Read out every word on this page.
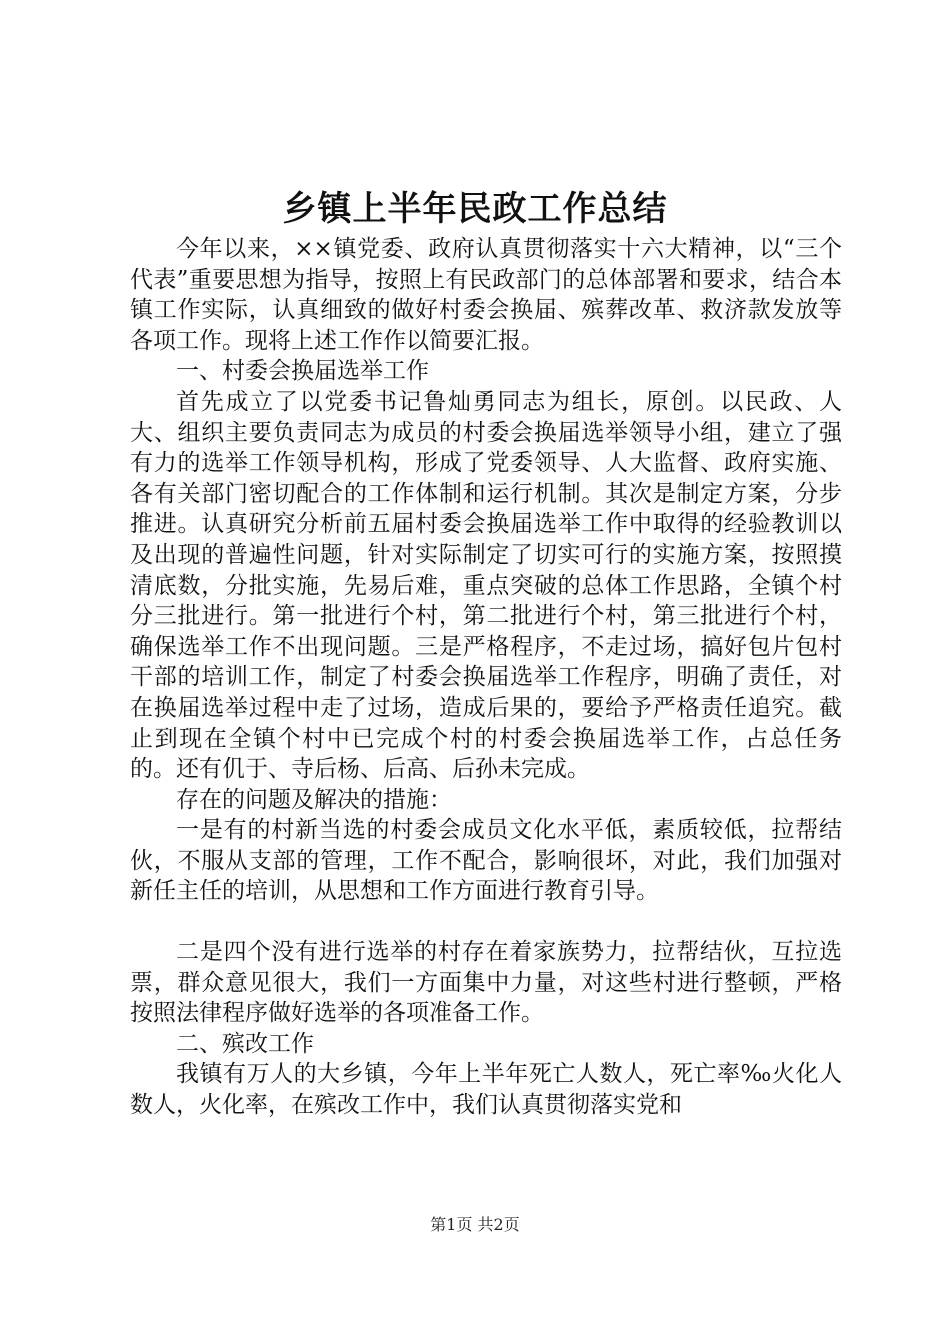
乡镇上半年民政工作总结

今年以来，××镇党委、政府认真贯彻落实十六大精神，以“三个代表”重要思想为指导，按照上有民政部门的总体部署和要求，结合本镇工作实际，认真细致的做好村委会换届、殡葬改革、救济款发放等各项工作。现将上述工作作以简要汇报。

一、村委会换届选举工作

首先成立了以党委书记鲁灿勇同志为组长，原创。以民政、人大、组织主要负责同志为成员的村委会换届选举领导小组，建立了强有力的选举工作领导机构，形成了党委领导、人大监督、政府实施、各有关部门密切配合的工作体制和运行机制。其次是制定方案，分步推进。认真研究分析前五届村委会换届选举工作中取得的经验教训以及出现的普遍性问题，针对实际制定了切实可行的实施方案，按照摸清底数，分批实施，先易后难，重点突破的总体工作思路，全镇个村分三批进行。第一批进行个村，第二批进行个村，第三批进行个村，确保选举工作不出现问题。三是严格程序，不走过场，搞好包片包村干部的培训工作，制定了村委会换届选举工作程序，明确了责任，对在换届选举过程中走了过场，造成后果的，要给予严格责任追究。截止到现在全镇个村中已完成个村的村委会换届选举工作，占总任务的。还有仉于、寺后杨、后高、后孙未完成。

存在的问题及解决的措施：

一是有的村新当选的村委会成员文化水平低，素质较低，拉帮结伙，不服从支部的管理，工作不配合，影响很坏，对此，我们加强对新任主任的培训，从思想和工作方面进行教育引导。

二是四个没有进行选举的村存在着家族势力，拉帮结伙，互拉选票，群众意见很大，我们一方面集中力量，对这些村进行整顿，严格按照法律程序做好选举的各项准备工作。

二、殡改工作

我镇有万人的大乡镇，今年上半年死亡人数人，死亡率‰火化人数人，火化率，在殡改工作中，我们认真贯彻落实党和

第1页 共2页
